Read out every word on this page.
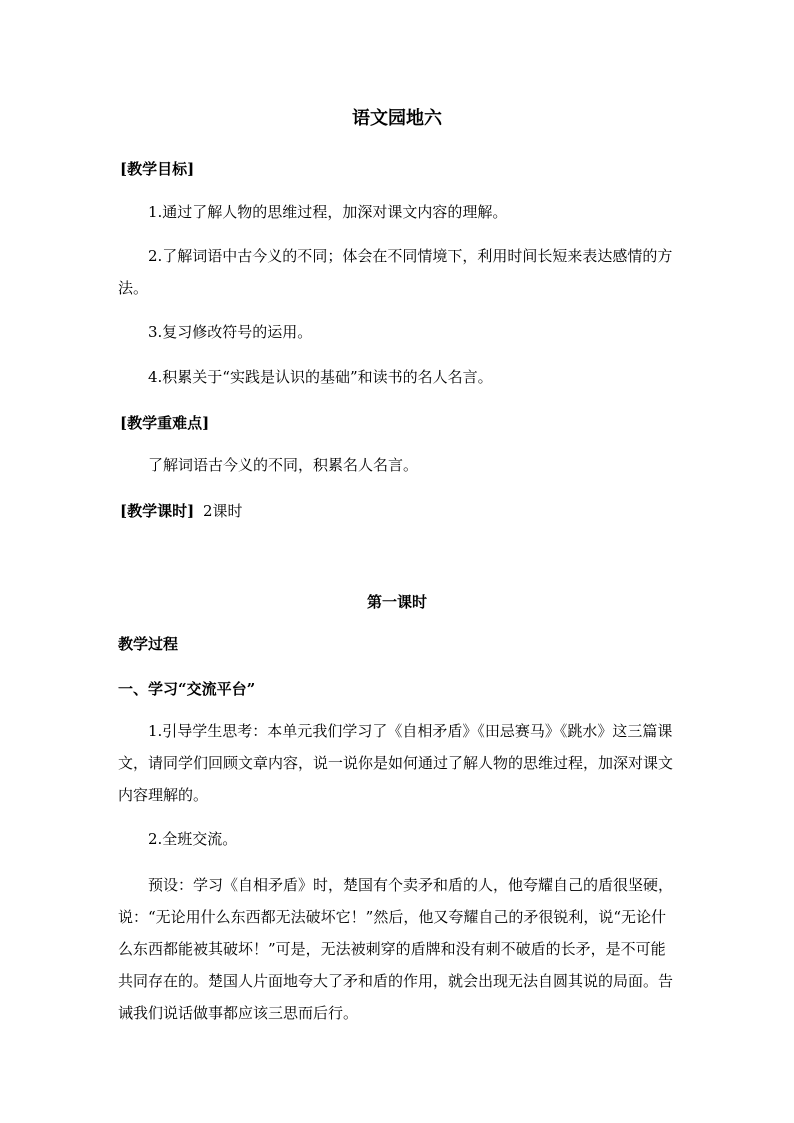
语文园地六
[教学目标]
1.通过了解人物的思维过程，加深对课文内容的理解。
2.了解词语中古今义的不同；体会在不同情境下，利用时间长短来表达感情的方法。
3.复习修改符号的运用。
4.积累关于“实践是认识的基础”和读书的名人名言。
[教学重难点]
了解词语古今义的不同，积累名人名言。
[教学课时] 2课时
第一课时
教学过程
一、学习“交流平台”
1.引导学生思考：本单元我们学习了《自相矛盾》《田忌赛马》《跳水》这三篇课文，请同学们回顾文章内容，说一说你是如何通过了解人物的思维过程，加深对课文内容理解的。
2.全班交流。
预设：学习《自相矛盾》时，楚国有个卖矛和盾的人，他夸耀自己的盾很坚硬，说：“无论用什么东西都无法破坏它！”然后，他又夸耀自己的矛很锐利，说“无论什么东西都能被其破坏！”可是，无法被刺穿的盾牌和没有刺不破盾的长矛，是不可能共同存在的。楚国人片面地夸大了矛和盾的作用，就会出现无法自圆其说的局面。告诫我们说话做事都应该三思而后行。
